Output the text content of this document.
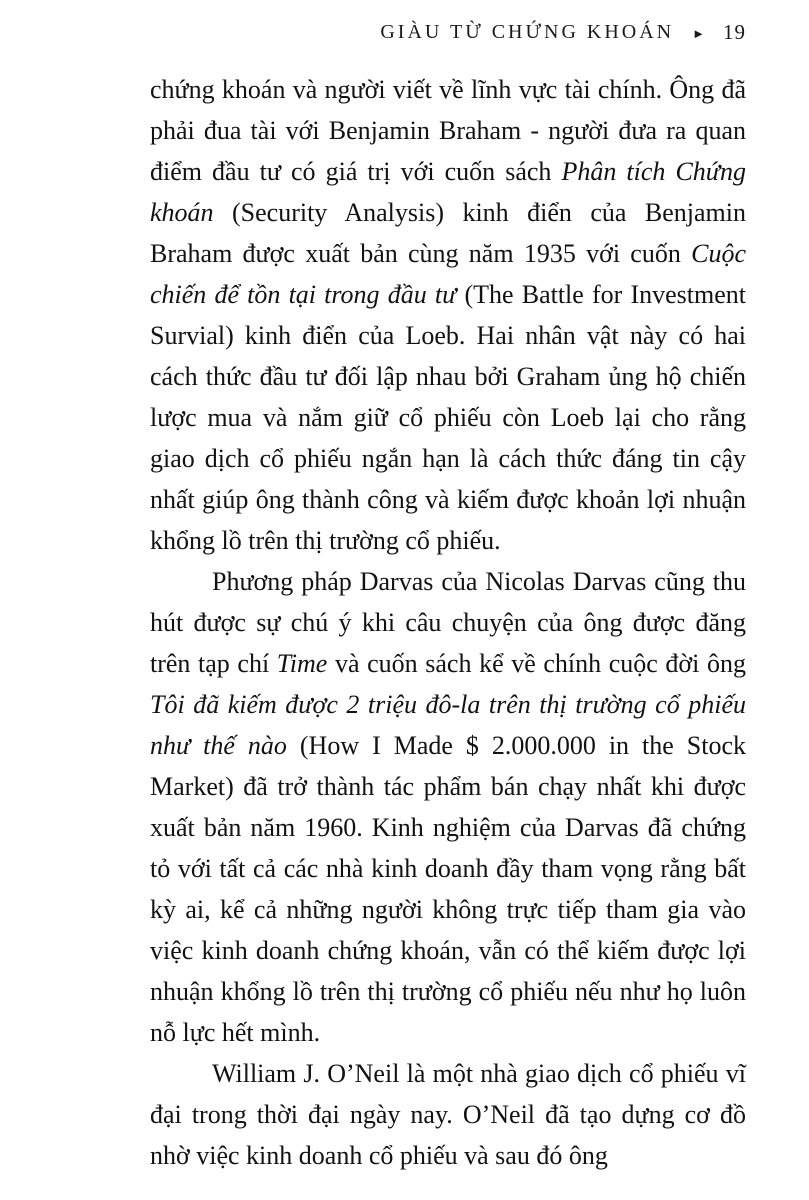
GIÀU TỪ CHỨNG KHOÁN ► 19

chứng khoán và người viết về lĩnh vực tài chính. Ông đã phải đua tài với Benjamin Braham - người đưa ra quan điểm đầu tư có giá trị với cuốn sách Phân tích Chứng khoán (Security Analysis) kinh điển của Benjamin Braham được xuất bản cùng năm 1935 với cuốn Cuộc chiến để tồn tại trong đầu tư (The Battle for Investment Survial) kinh điển của Loeb. Hai nhân vật này có hai cách thức đầu tư đối lập nhau bởi Graham ủng hộ chiến lược mua và nắm giữ cổ phiếu còn Loeb lại cho rằng giao dịch cổ phiếu ngắn hạn là cách thức đáng tin cậy nhất giúp ông thành công và kiếm được khoản lợi nhuận khổng lồ trên thị trường cổ phiếu.

Phương pháp Darvas của Nicolas Darvas cũng thu hút được sự chú ý khi câu chuyện của ông được đăng trên tạp chí Time và cuốn sách kể về chính cuộc đời ông Tôi đã kiếm được 2 triệu đô-la trên thị trường cổ phiếu như thế nào (How I Made $ 2.000.000 in the Stock Market) đã trở thành tác phẩm bán chạy nhất khi được xuất bản năm 1960. Kinh nghiệm của Darvas đã chứng tỏ với tất cả các nhà kinh doanh đầy tham vọng rằng bất kỳ ai, kể cả những người không trực tiếp tham gia vào việc kinh doanh chứng khoán, vẫn có thể kiếm được lợi nhuận khổng lồ trên thị trường cổ phiếu nếu như họ luôn nỗ lực hết mình.

William J. O’Neil là một nhà giao dịch cổ phiếu vĩ đại trong thời đại ngày nay. O’Neil đã tạo dựng cơ đồ nhờ việc kinh doanh cổ phiếu và sau đó ông
